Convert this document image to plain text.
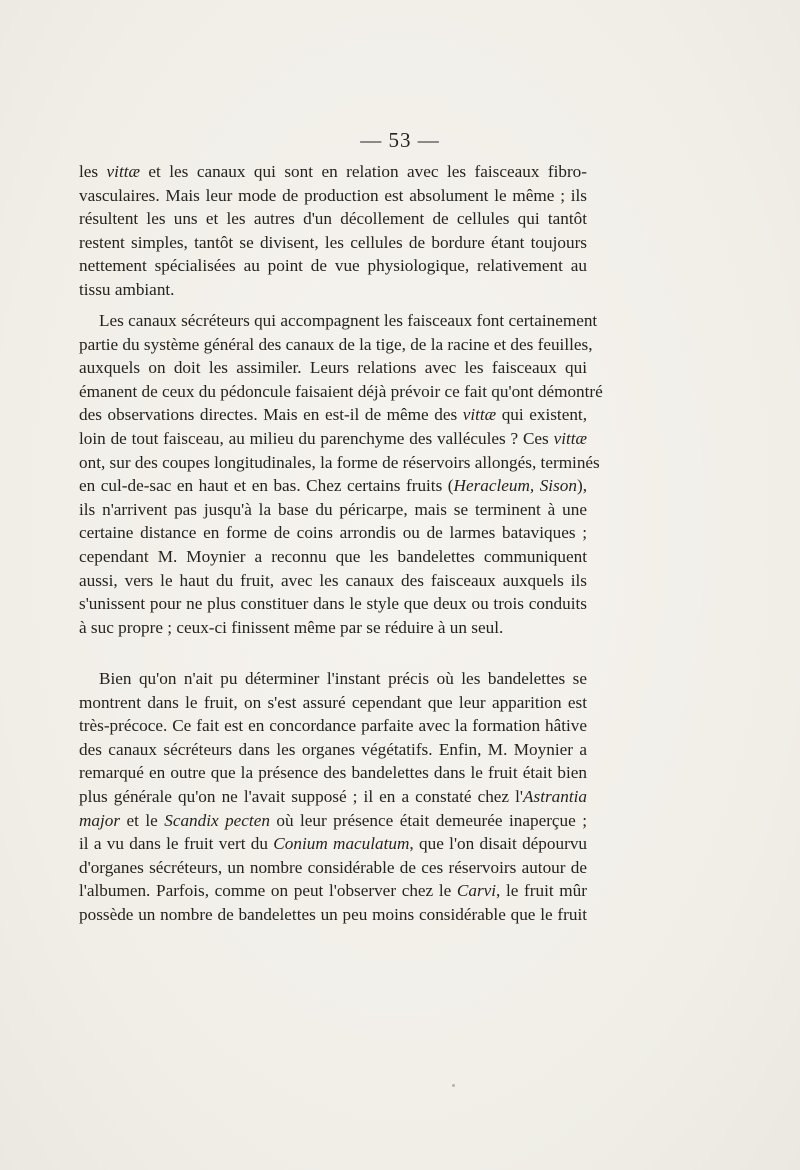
— 53 —
les vittæ et les canaux qui sont en relation avec les faisceaux fibro-
vasculaires. Mais leur mode de production est absolument le même ; ils
résultent les uns et les autres d'un décollement de cellules qui tantôt
restent simples, tantôt se divisent, les cellules de bordure étant toujours
nettement spécialisées au point de vue physiologique, relativement au
tissu ambiant.
Les canaux sécréteurs qui accompagnent les faisceaux font certainement
partie du système général des canaux de la tige, de la racine et des feuilles,
auxquels on doit les assimiler. Leurs relations avec les faisceaux qui
émanent de ceux du pédoncule faisaient déjà prévoir ce fait qu'ont démontré
des observations directes. Mais en est-il de même des vittæ qui existent,
loin de tout faisceau, au milieu du parenchyme des vallécules ? Ces vittæ
ont, sur des coupes longitudinales, la forme de réservoirs allongés, terminés
en cul-de-sac en haut et en bas. Chez certains fruits (Heracleum, Sison),
ils n'arrivent pas jusqu'à la base du péricarpe, mais se terminent à une
certaine distance en forme de coins arrondis ou de larmes bataviques ;
cependant M. Moynier a reconnu que les bandelettes communiquent
aussi, vers le haut du fruit, avec les canaux des faisceaux auxquels ils
s'unissent pour ne plus constituer dans le style que deux ou trois conduits
à suc propre ; ceux-ci finissent même par se réduire à un seul.
Bien qu'on n'ait pu déterminer l'instant précis où les bandelettes se
montrent dans le fruit, on s'est assuré cependant que leur apparition est
très-précoce. Ce fait est en concordance parfaite avec la formation hâtive
des canaux sécréteurs dans les organes végétatifs. Enfin, M. Moynier a
remarqué en outre que la présence des bandelettes dans le fruit était bien
plus générale qu'on ne l'avait supposé ; il en a constaté chez l'Astrantia
major et le Scandix pecten où leur présence était demeurée inaperçue ;
il a vu dans le fruit vert du Conium maculatum, que l'on disait dépourvu
d'organes sécréteurs, un nombre considérable de ces réservoirs autour de
l'albumen. Parfois, comme on peut l'observer chez le Carvi, le fruit mûr
possède un nombre de bandelettes un peu moins considérable que le fruit
